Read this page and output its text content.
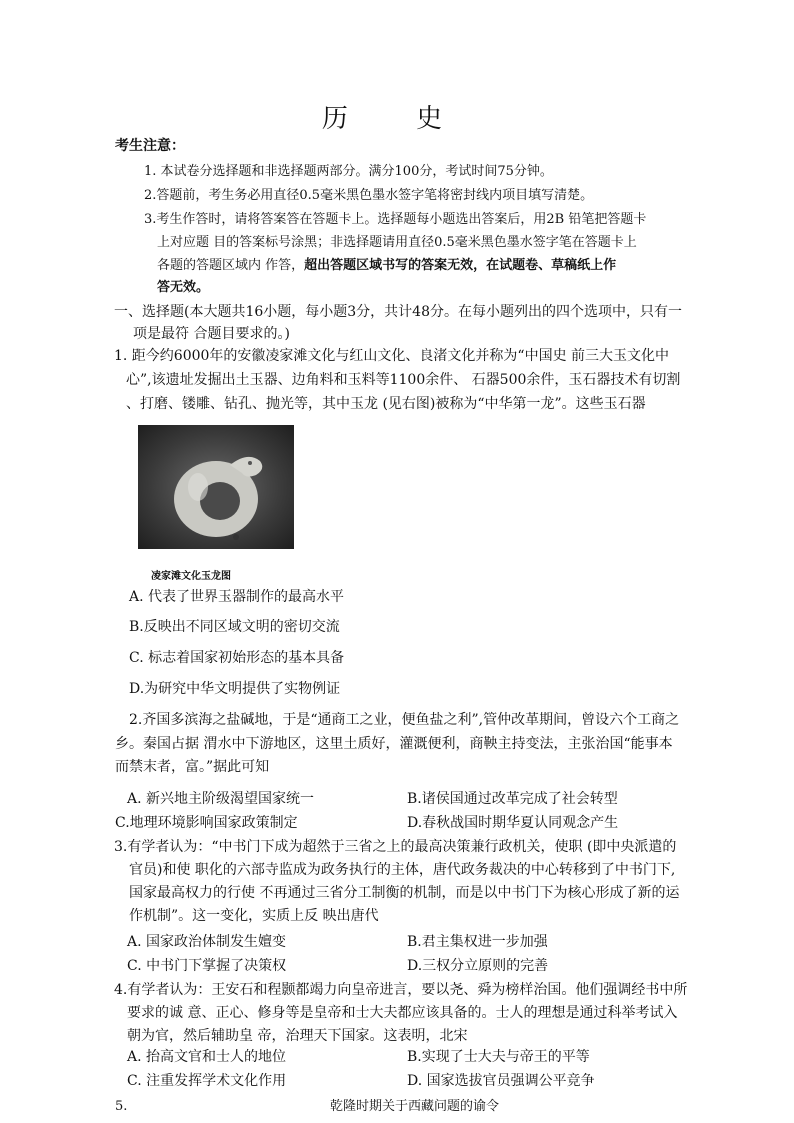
历 史
考生注意：
1. 本试卷分选择题和非选择题两部分。满分100分，考试时间75分钟。
2.答题前，考生务必用直径0.5毫米黑色墨水签字笔将密封线内项目填写清楚。
3.考生作答时，请将答案答在答题卡上。选择题每小题选出答案后，用2B 铅笔把答题卡
上对应题 目的答案标号涂黑；非选择题请用直径0.5毫米黑色墨水签字笔在答题卡上
各题的答题区域内 作答，超出答题区域书写的答案无效，在试题卷、草稿纸上作
答无效。
一、选择题(本大题共16小题，每小题3分，共计48分。在每小题列出的四个选项中，只有一
项是最符 合题目要求的。)
1. 距今约6000年的安徽凌家滩文化与红山文化、良渚文化并称为“中国史 前三大玉文化中
心”,该遗址发掘出土玉器、边角料和玉料等1100余件、 石器500余件，玉石器技术有切割
、打磨、镂雕、钻孔、抛光等，其中玉龙 (见右图)被称为“中华第一龙”。这些玉石器
凌家滩文化玉龙图
A. 代表了世界玉器制作的最高水平
B.反映出不同区域文明的密切交流
C. 标志着国家初始形态的基本具备
D.为研究中华文明提供了实物例证
2.齐国多滨海之盐碱地，于是“通商工之业，便鱼盐之利”,管仲改革期间，曾设六个工商之
乡。秦国占据 渭水中下游地区，这里土质好，灌溉便利，商鞅主持变法，主张治国“能事本
而禁末者，富。”据此可知
A. 新兴地主阶级渴望国家统一	B.诸侯国通过改革完成了社会转型
C.地理环境影响国家政策制定	D.春秋战国时期华夏认同观念产生
3.有学者认为：“中书门下成为超然于三省之上的最高决策兼行政机关，使职 (即中央派遣的
官员)和使 职化的六部寺监成为政务执行的主体，唐代政务裁决的中心转移到了中书门下,
国家最高权力的行使 不再通过三省分工制衡的机制，而是以中书门下为核心形成了新的运
作机制”。这一变化，实质上反 映出唐代
A. 国家政治体制发生嬗变	B.君主集权进一步加强
C. 中书门下掌握了决策权	D.三权分立原则的完善
4.有学者认为：王安石和程颢都竭力向皇帝进言，要以尧、舜为榜样治国。他们强调经书中所
要求的诚 意、正心、修身等是皇帝和士大夫都应该具备的。士人的理想是通过科举考试入
朝为官，然后辅助皇 帝，治理天下国家。这表明，北宋
A. 抬高文官和士人的地位	B.实现了士大夫与帝王的平等
C. 注重发挥学术文化作用	D. 国家选拔官员强调公平竞争
5.	乾隆时期关于西藏问题的谕令
